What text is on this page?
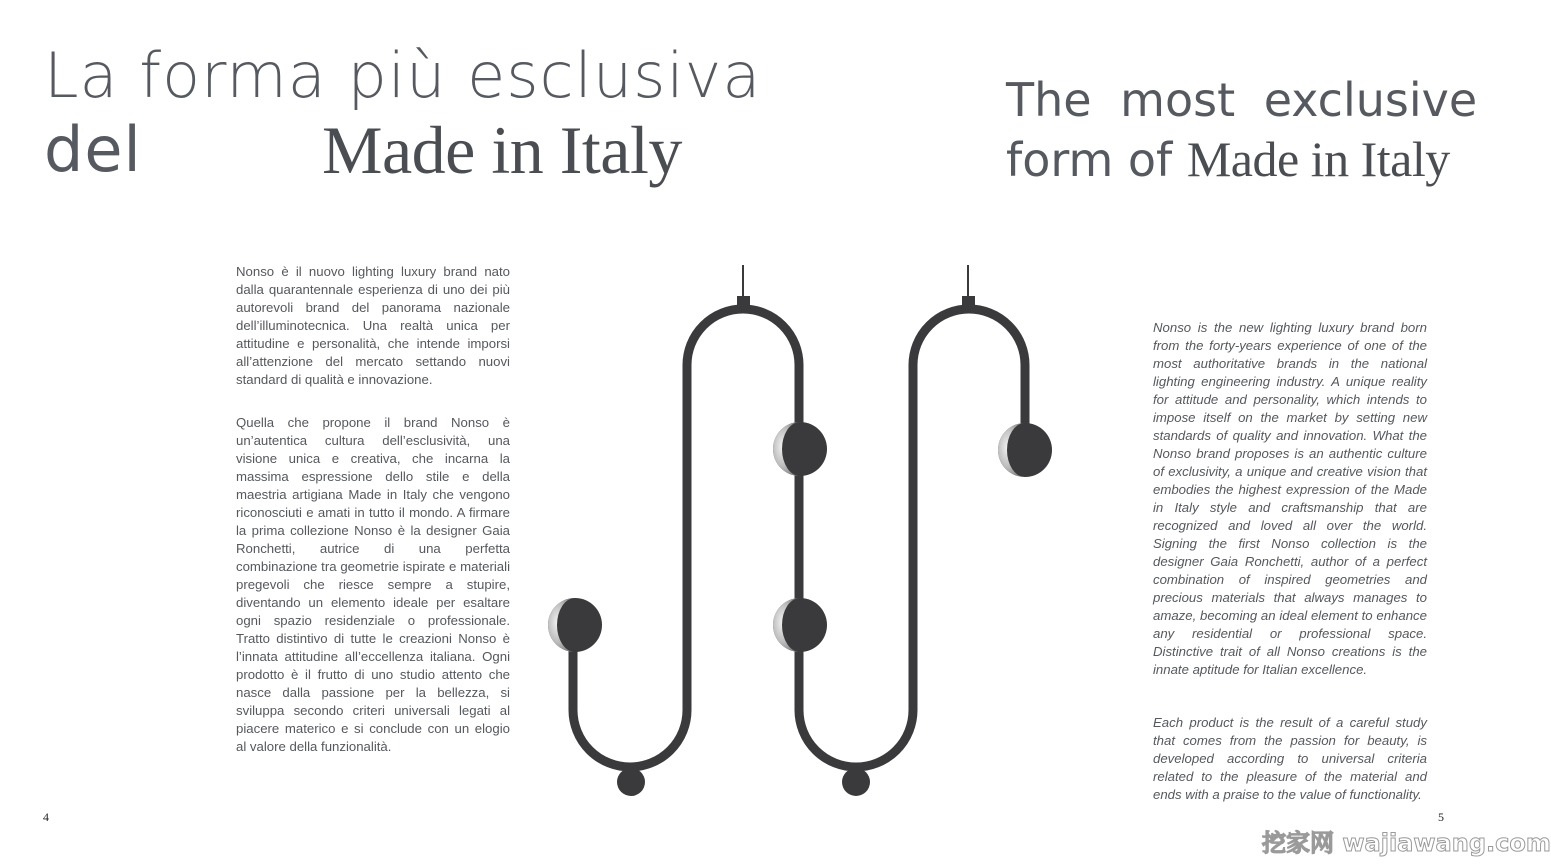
La forma più esclusiva
del	Made in Italy
The most exclusive
form of Made in Italy

Nonso è il nuovo lighting luxury brand nato dalla quarantennale esperienza di uno dei più autorevoli brand del panorama nazionale dell’illuminotecnica. Una realtà unica per attitudine e personalità, che intende imporsi all’attenzione del mercato settando nuovi standard di qualità e innovazione.

Quella che propone il brand Nonso è un’autentica cultura dell’esclusività, una visione unica e creativa, che incarna la massima espressione dello stile e della maestria artigiana Made in Italy che vengono riconosciuti e amati in tutto il mondo. A firmare la prima collezione Nonso è la designer Gaia Ronchetti, autrice di una perfetta combinazione tra geometrie ispirate e materiali pregevoli che riesce sempre a stupire, diventando un elemento ideale per esaltare ogni spazio residenziale o professionale. Tratto distintivo di tutte le creazioni Nonso è l’innata attitudine all’eccellenza italiana. Ogni prodotto è il frutto di uno studio attento che nasce dalla passione per la bellezza, si sviluppa secondo criteri universali legati al piacere materico e si conclude con un elogio al valore della funzionalità.

Nonso is the new lighting luxury brand born from the forty-years experience of one of the most authoritative brands in the national lighting engineering industry. A unique reality for attitude and personality, which intends to impose itself on the market by setting new standards of quality and innovation. What the Nonso brand proposes is an authentic culture of exclusivity, a unique and creative vision that embodies the highest expression of the Made in Italy style and craftsmanship that are recognized and loved all over the world. Signing the first Nonso collection is the designer Gaia Ronchetti, author of a perfect combination of inspired geometries and precious materials that always manages to amaze, becoming an ideal element to enhance any residential or professional space. Distinctive trait of all Nonso creations is the innate aptitude for Italian excellence.

Each product is the result of a careful study that comes from the passion for beauty, is developed according to universal criteria related to the pleasure of the material and ends with a praise to the value of functionality.

4	5
挖家网 wajiawang.com
